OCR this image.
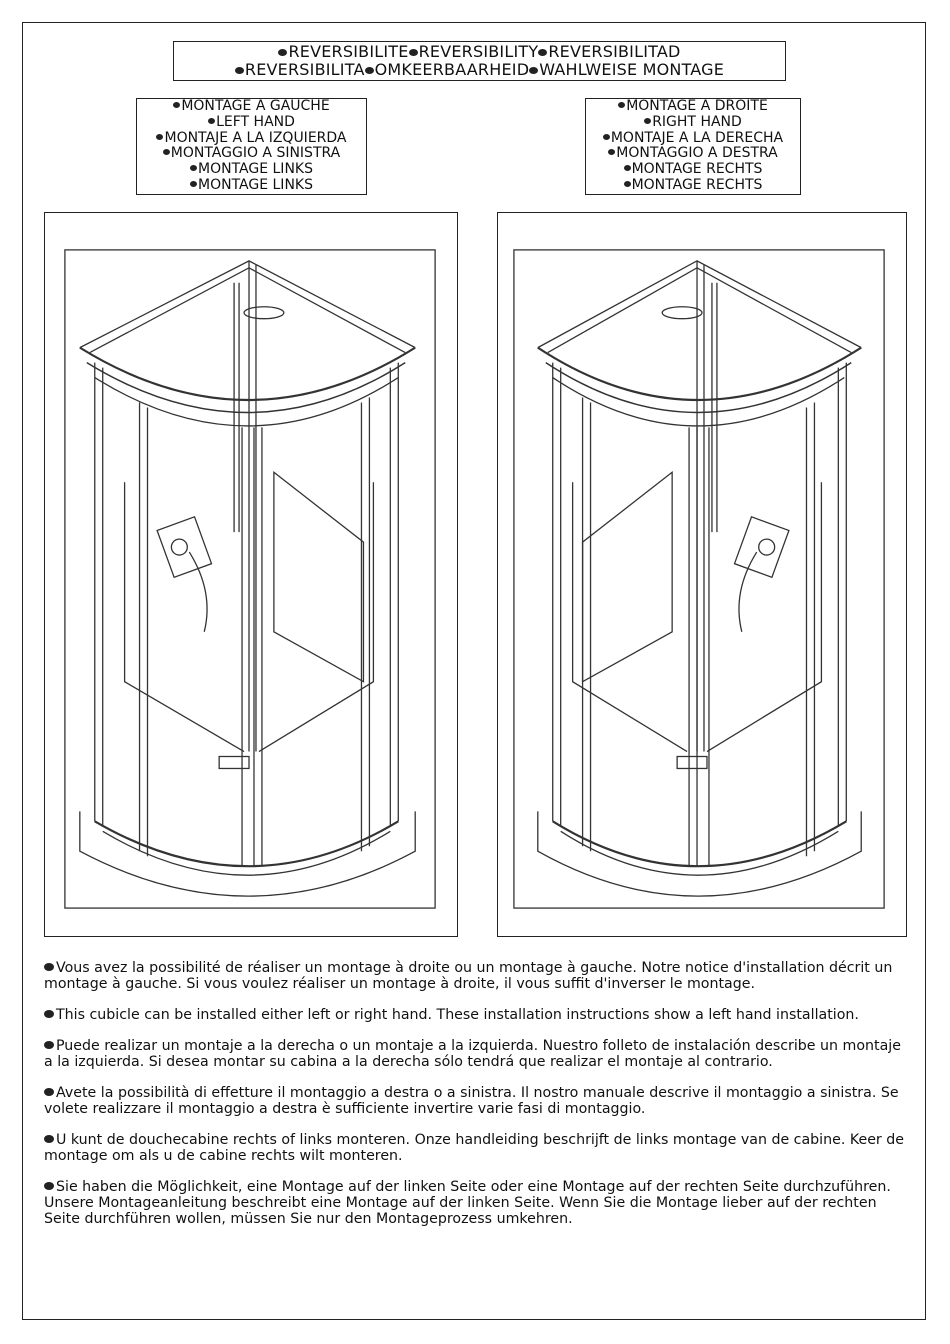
REVERSIBILITE REVERSIBILITY REVERSIBILITAD
REVERSIBILITA OMKEERBAARHEID WAHLWEISE MONTAGE
MONTAGE A GAUCHE
LEFT HAND
MONTAJE A LA IZQUIERDA
MONTAGGIO A SINISTRA
MONTAGE LINKS
MONTAGE LINKS
MONTAGE A DROITE
RIGHT HAND
MONTAJE A LA DERECHA
MONTAGGIO A DESTRA
MONTAGE RECHTS
MONTAGE RECHTS

Vous avez la possibilité de réaliser un montage à droite ou un montage à gauche. Notre notice d'installation décrit un montage à gauche. Si vous voulez réaliser un montage à droite, il vous suffit d'inverser le montage.

This cubicle can be installed either left or right hand. These installation instructions show a left hand installation.

Puede realizar un montaje a la derecha o un montaje a la izquierda. Nuestro folleto de instalación describe un montaje a la izquierda. Si desea montar su cabina a la derecha sólo tendrá que realizar el montaje al contrario.

Avete la possibilità di effetture il montaggio a destra o a sinistra. Il nostro manuale descrive il montaggio a sinistra. Se volete realizzare il montaggio a destra è sufficiente invertire varie fasi di montaggio.

U kunt de douchecabine rechts of links monteren. Onze handleiding beschrijft de links montage van de cabine. Keer de montage om als u de cabine rechts wilt monteren.

Sie haben die Möglichkeit, eine Montage auf der linken Seite oder eine Montage auf der rechten Seite durchzuführen. Unsere Montageanleitung beschreibt eine Montage auf der linken Seite. Wenn Sie die Montage lieber auf der rechten Seite durchführen wollen, müssen Sie nur den Montageprozess umkehren.
